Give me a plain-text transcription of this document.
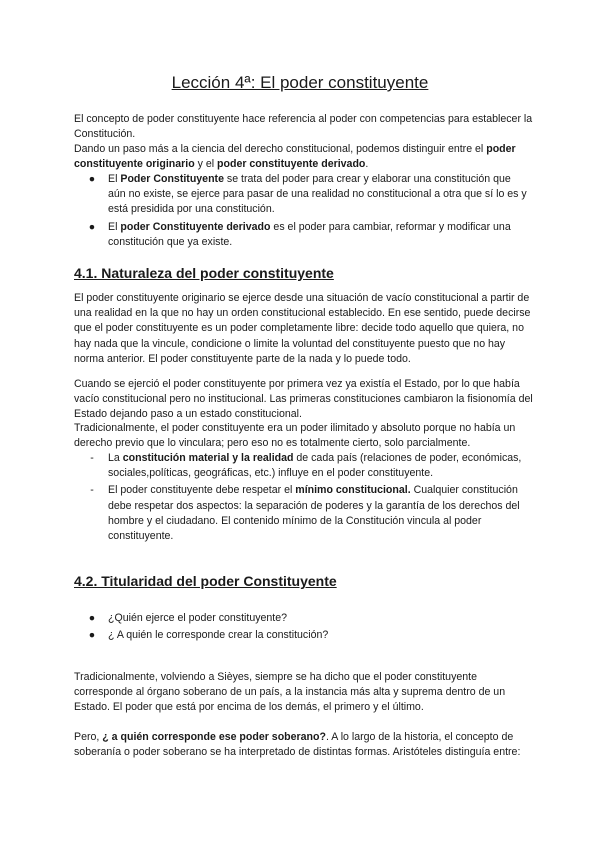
Lección 4ª: El poder constituyente

El concepto de poder constituyente hace referencia al poder con competencias para establecer la Constitución.

Dando un paso más a la ciencia del derecho constitucional, podemos distinguir entre el poder constituyente originario y el poder constituyente derivado.

● El Poder Constituyente se trata del poder para crear y elaborar una constitución que aún no existe, se ejerce para pasar de una realidad no constitucional a otra que sí lo es y está presidida por una constitución.
● El poder Constituyente derivado es el poder para cambiar, reformar y modificar una constitución que ya existe.
4.1. Naturaleza del poder constituyente

El poder constituyente originario se ejerce desde una situación de vacío constitucional a partir de una realidad en la que no hay un orden constitucional establecido. En ese sentido, puede decirse que el poder constituyente es un poder completamente libre: decide todo aquello que quiera, no hay nada que la vincule, condicione o limite la voluntad del constituyente puesto que no hay norma anterior. El poder constituyente parte de la nada y lo puede todo.

Cuando se ejerció el poder constituyente por primera vez ya existía el Estado, por lo que había vacío constitucional pero no institucional. Las primeras constituciones cambiaron la fisionomía del Estado dejando paso a un estado constitucional.

Tradicionalmente, el poder constituyente era un poder ilimitado y absoluto porque no había un derecho previo que lo vinculara; pero eso no es totalmente cierto, solo parcialmente.

-	La constitución material y la realidad de cada país (relaciones de poder, económicas, sociales,políticas, geográficas, etc.) influye en el poder constituyente.
-	El poder constituyente debe respetar el mínimo constitucional. Cualquier constitución debe respetar dos aspectos: la separación de poderes y la garantía de los derechos del hombre y el ciudadano. El contenido mínimo de la Constitución vincula al poder constituyente.
4.2. Titularidad del poder Constituyente
● ¿Quién ejerce el poder constituyente?
● ¿ A quién le corresponde crear la constitución?

Tradicionalmente, volviendo a Sièyes, siempre se ha dicho que el poder constituyente corresponde al órgano soberano de un país, a la instancia más alta y suprema dentro de un Estado. El poder que está por encima de los demás, el primero y el último.

Pero, ¿ a quién corresponde ese poder soberano?. A lo largo de la historia, el concepto de soberanía o poder soberano se ha interpretado de distintas formas. Aristóteles distinguía entre:
